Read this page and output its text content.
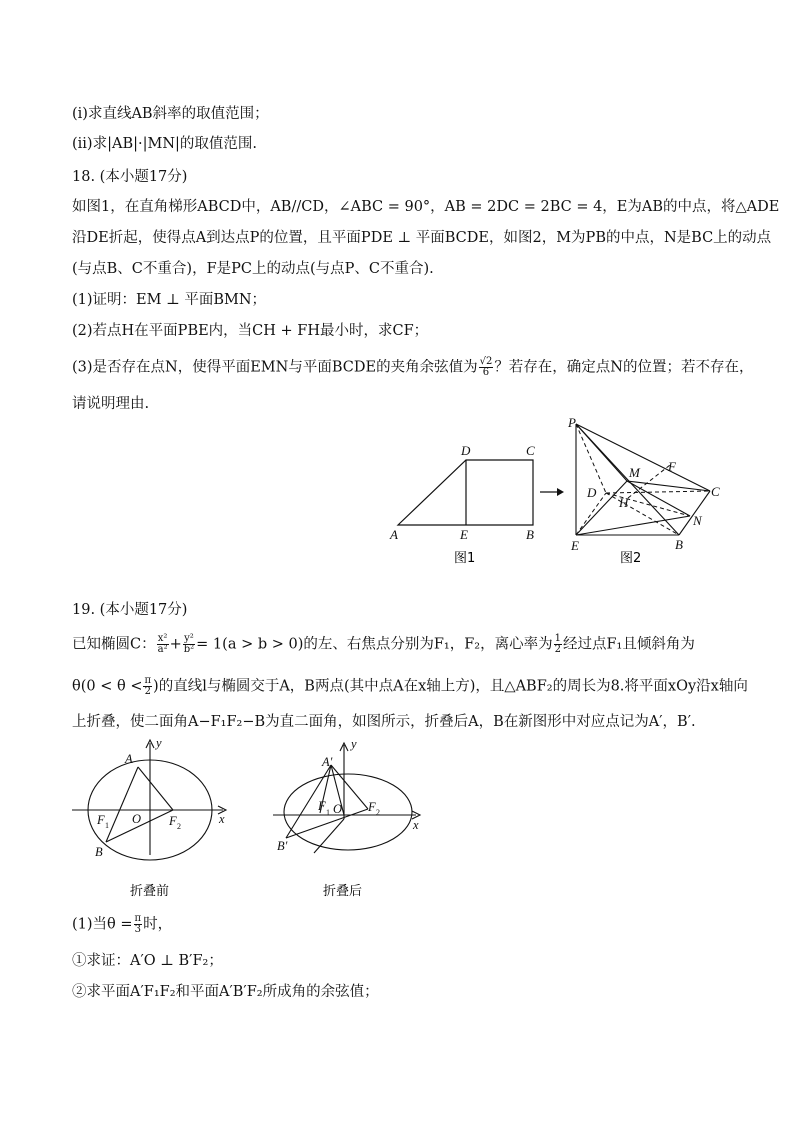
(i)求直线AB斜率的取值范围；
(ii)求|AB|·|MN|的取值范围.
18. (本小题17分)
如图1，在直角梯形ABCD中，AB//CD，∠ABC = 90°，AB = 2DC = 2BC = 4，E为AB的中点，将△ADE
沿DE折起，使得点A到达点P的位置，且平面PDE ⊥ 平面BCDE，如图2，M为PB的中点，N是BC上的动点
(与点B、C不重合)，F是PC上的动点(与点P、C不重合).
(1)证明：EM ⊥ 平面BMN；
(2)若点H在平面PBE内，当CH + FH最小时，求CF；
(3)是否存在点N，使得平面EMN与平面BCDE的夹角余弦值为 $\frac{√2}{6}$ ？若存在，确定点N的位置；若不存在，
请说明理由.
A
D	C
E	B
图1
P
M F
D
H
C
N
E	B
图2
19. (本小题17分)
已知椭圆C： $\frac{\text{x²}}{\text{a²}} + \frac{\text{y²}}{\text{b²}} = 1(a > b > 0)$的左、右焦点分别为F₁，F₂，离心率为 $\frac{1}{2}$ 经过点F₁且倾斜角为
$\theta(0 < \theta < \frac{\pi}{2}$ )的直线l与椭圆交于A，B两点(其中点A在x轴上方)，且△ABF₂的周长为8.将平面xOy沿x轴向
上折叠，使二面角A−F₁F₂−B为直二面角，如图所示，折叠后A，B在新图形中对应点记为A′，B′.
y
x
A
O
F 1	F 2
B
折叠前
y
x
A′
O
F 1	F 2
B′
折叠后
(1)当$\theta = \frac{\pi}{3}$ 时，
①求证：A′O ⊥ B′F₂；
②求平面A′F₁F₂和平面A′B′F₂所成角的余弦值；
